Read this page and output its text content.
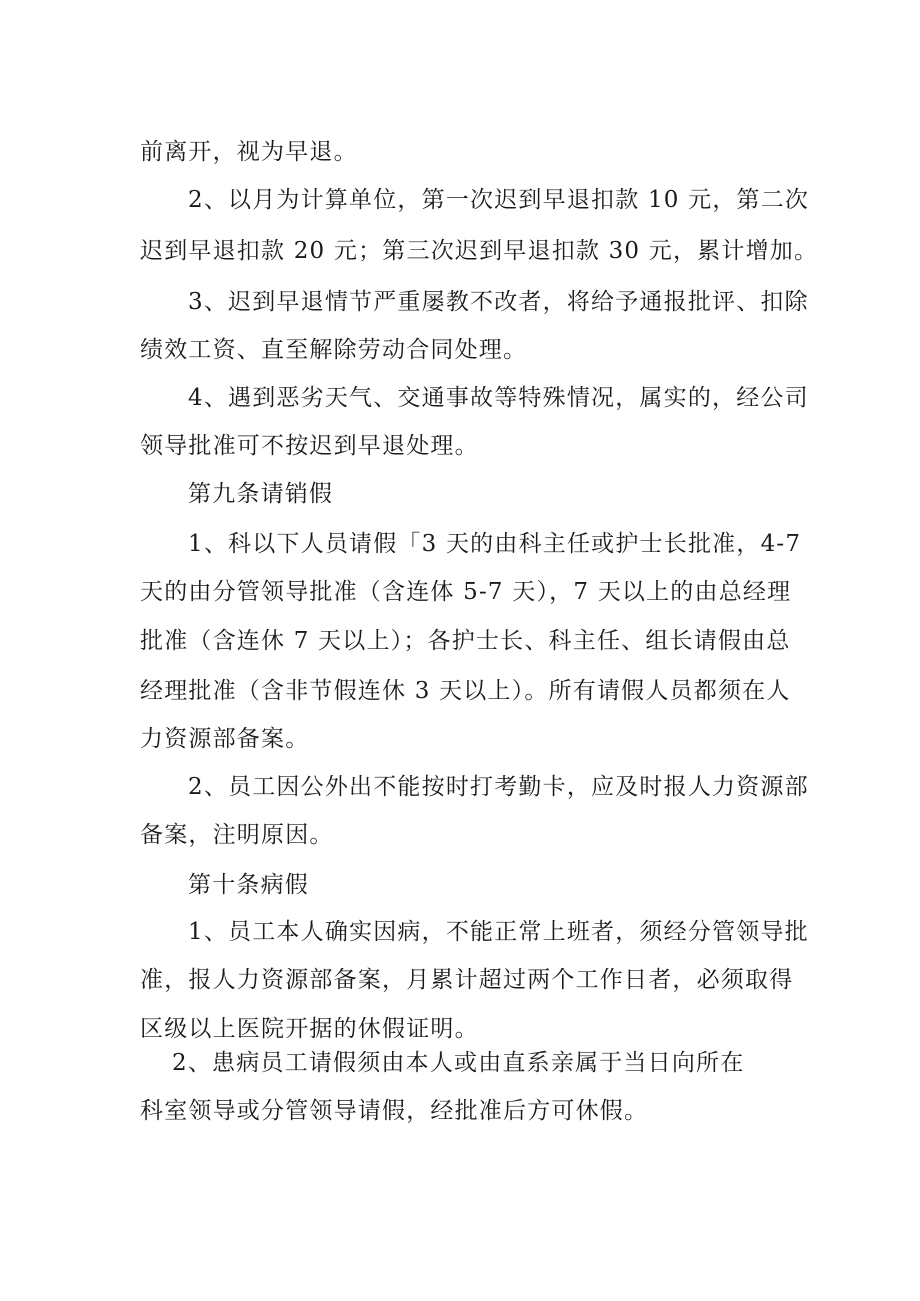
前离开，视为早退。
2、以月为计算单位，第一次迟到早退扣款 10 元，第二次
迟到早退扣款 20 元；第三次迟到早退扣款 30 元，累计增加。
3、迟到早退情节严重屡教不改者，将给予通报批评、扣除
绩效工资、直至解除劳动合同处理。
4、遇到恶劣天气、交通事故等特殊情况，属实的，经公司
领导批准可不按迟到早退处理。
第九条请销假
1、科以下人员请假「3 天的由科主任或护士长批准，4-7
天的由分管领导批准（含连体 5-7 天），7 天以上的由总经理
批准（含连休 7 天以上）；各护士长、科主任、组长请假由总
经理批准（含非节假连休 3 天以上）。所有请假人员都须在人
力资源部备案。
2、员工因公外出不能按时打考勤卡，应及时报人力资源部
备案，注明原因。
第十条病假
1、员工本人确实因病，不能正常上班者，须经分管领导批
准，报人力资源部备案，月累计超过两个工作日者，必须取得
区级以上医院开据的休假证明。
2、患病员工请假须由本人或由直系亲属于当日向所在
科室领导或分管领导请假，经批准后方可休假。
